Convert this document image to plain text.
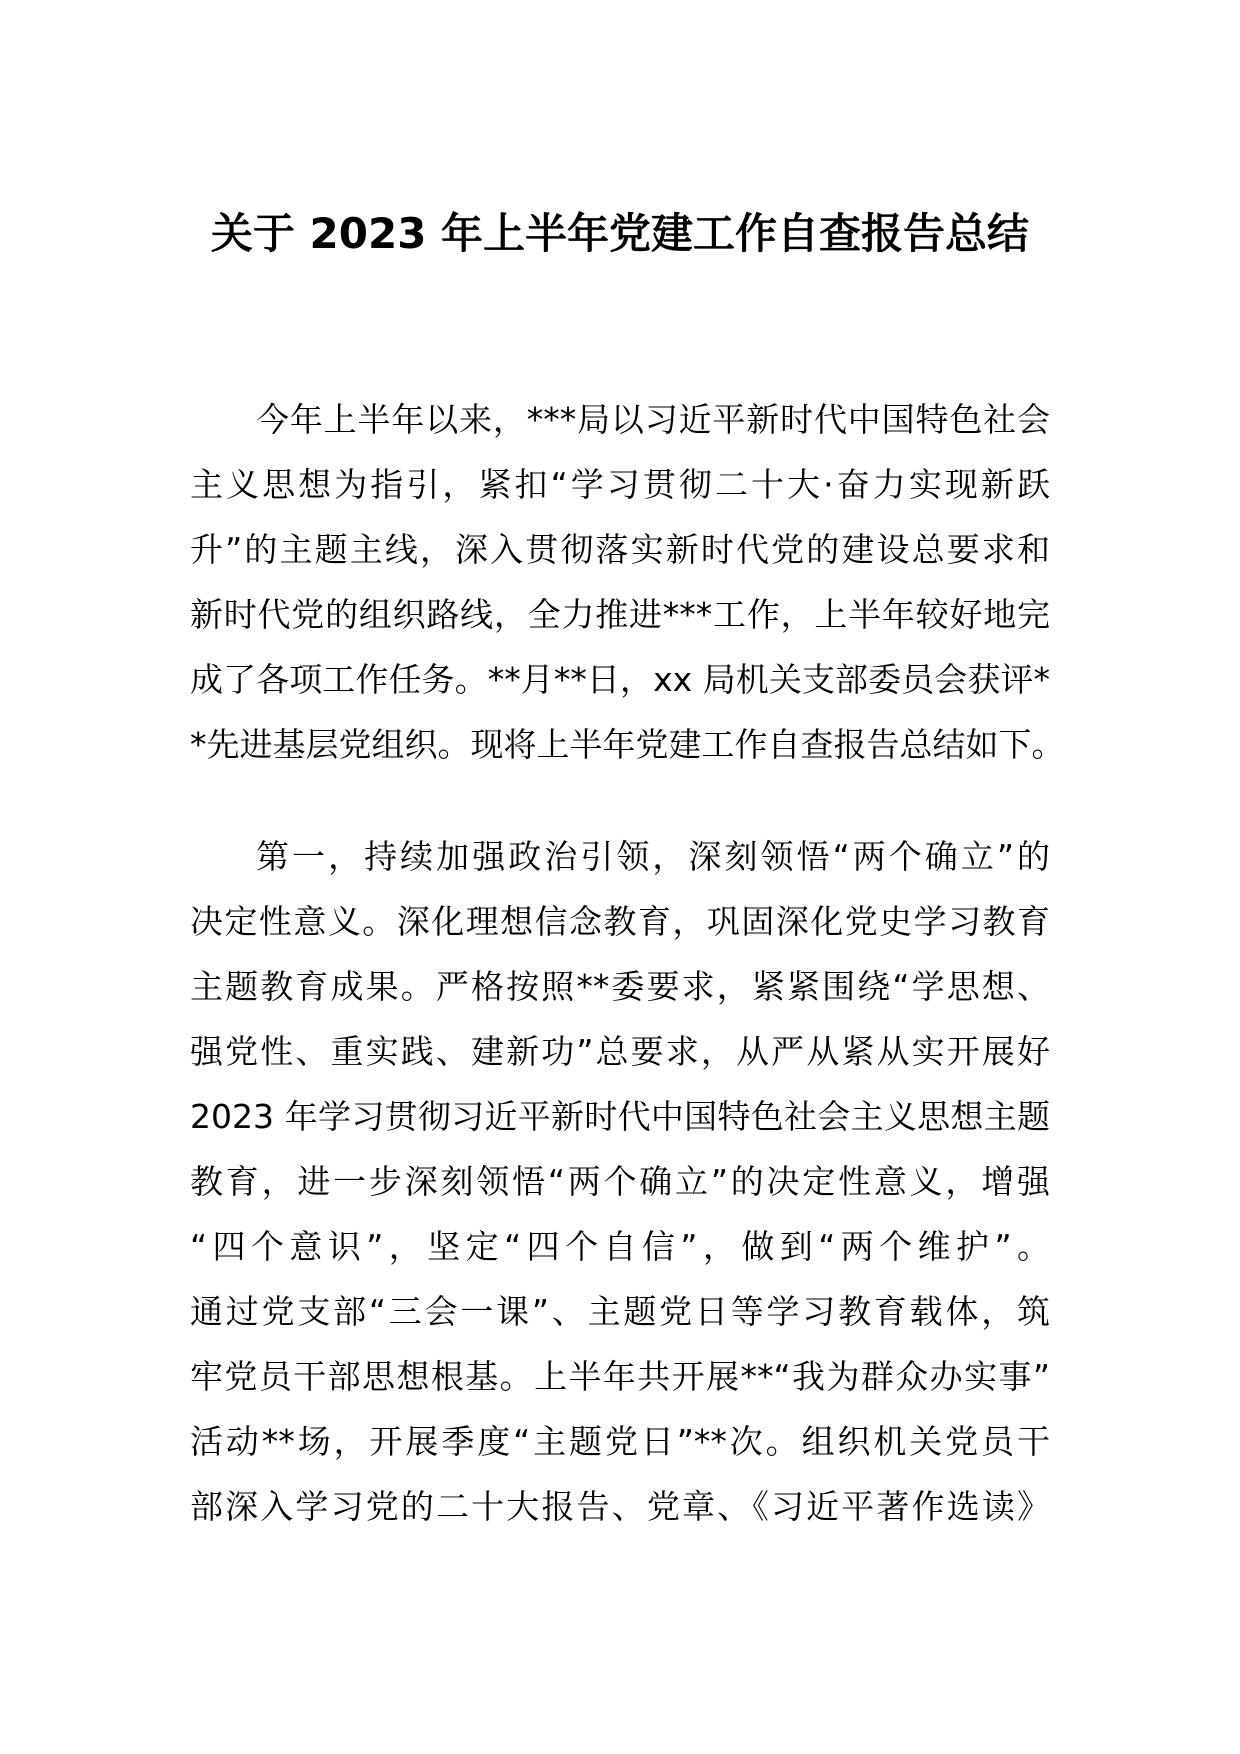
关于 2023 年上半年党建工作自查报告总结
今年上半年以来，***局以习近平新时代中国特色社会
主义思想为指引，紧扣“学习贯彻二十大·奋力实现新跃
升”的主题主线，深入贯彻落实新时代党的建设总要求和
新时代党的组织路线，全力推进***工作，上半年较好地完
成了各项工作任务。**月**日，xx 局机关支部委员会获评*
*先进基层党组织。现将上半年党建工作自查报告总结如下。
第一，持续加强政治引领，深刻领悟“两个确立”的
决定性意义。深化理想信念教育，巩固深化党史学习教育
主题教育成果。严格按照**委要求，紧紧围绕“学思想、
强党性、重实践、建新功”总要求，从严从紧从实开展好
2023 年学习贯彻习近平新时代中国特色社会主义思想主题
教育，进一步深刻领悟“两个确立”的决定性意义，增强
“四个意识”，坚定“四个自信”，做到“两个维护”。
通过党支部“三会一课”、主题党日等学习教育载体，筑
牢党员干部思想根基。上半年共开展**“我为群众办实事”
活动**场，开展季度“主题党日”**次。组织机关党员干
部深入学习党的二十大报告、党章、《习近平著作选读》
